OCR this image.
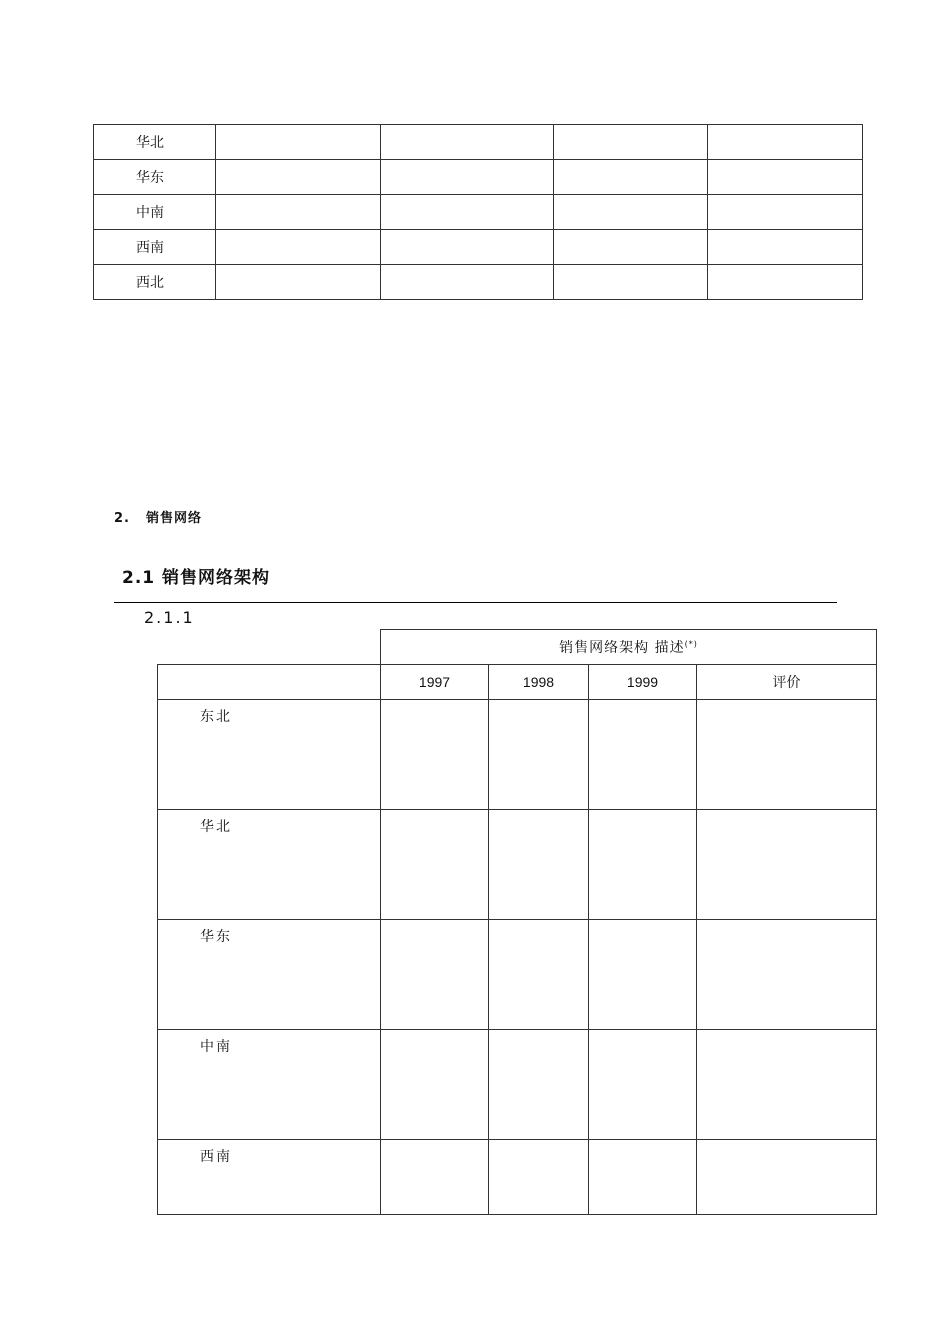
华北				
华东				
中南				
西南				
西北				
2. 销售网络
2.1 销售网络架构
2.1.1
	销售网络架构 描述(*)
	1997	1998	1999	评价
东北				
华北				
华东				
中南				
西南				
